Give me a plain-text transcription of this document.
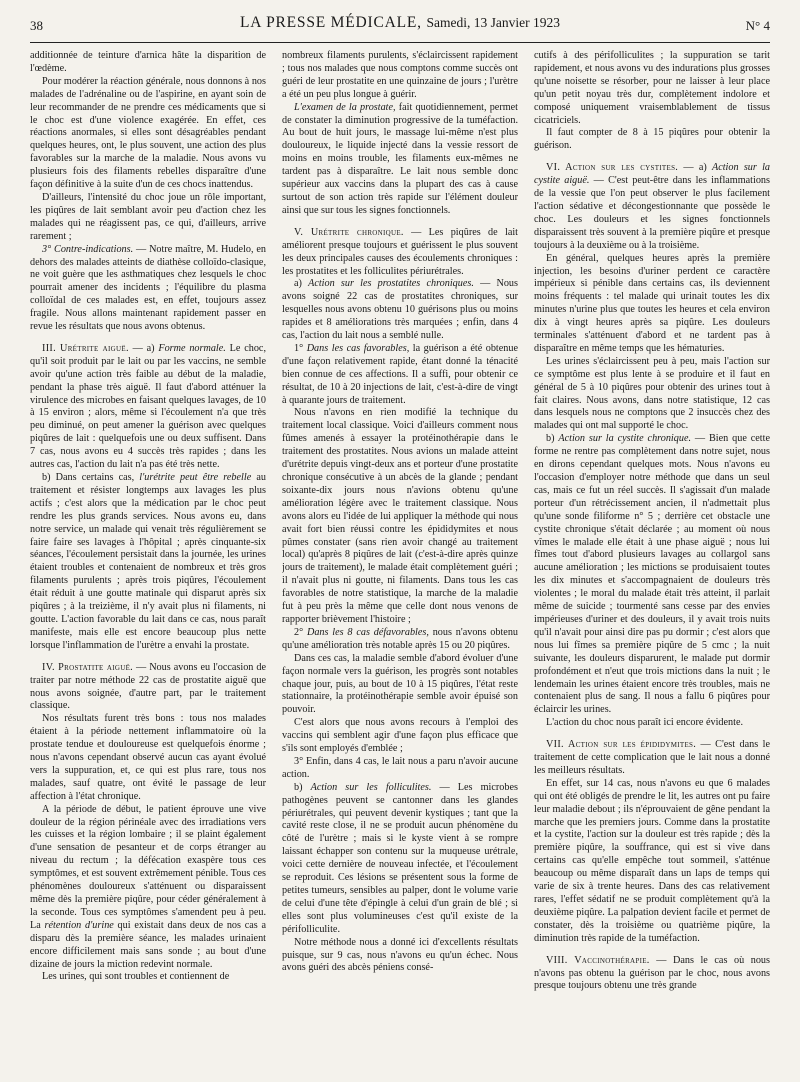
38	LA PRESSE MÉDICALE, Samedi, 13 Janvier 1923	N° 4

additionnée de teinture d'arnica hâte la disparition de l'œdème.

Pour modérer la réaction générale, nous donnons à nos malades de l'adrénaline ou de l'aspirine, en ayant soin de leur recommander de ne prendre ces médicaments que si le choc est d'une violence exagérée. En effet, ces réactions anormales, si elles sont désagréables pendant quelques heures, ont, le plus souvent, une action des plus favorables sur la marche de la maladie. Nous avons vu plusieurs fois des filaments rebelles disparaître d'une façon définitive à la suite d'un de ces chocs inattendus.

D'ailleurs, l'intensité du choc joue un rôle important, les piqûres de lait semblant avoir peu d'action chez les malades qui ne réagissent pas, ce qui, d'ailleurs, arrive rarement ;

3° Contre-indications. — Notre maître, M. Hudelo, en dehors des malades atteints de diathèse colloïdo-clasique, ne voit guère que les asthmatiques chez lesquels le choc pourrait amener des incidents ; l'équilibre du plasma colloïdal de ces malades est, en effet, toujours assez fragile. Nous allons maintenant rapidement passer en revue les résultats que nous avons obtenus.

III. Urétrite aiguë. — a) Forme normale. Le choc, qu'il soit produit par le lait ou par les vaccins, ne semble avoir qu'une action très faible au début de la maladie, pendant la phase très aiguë. Il faut d'abord atténuer la virulence des microbes en faisant quelques lavages, de 10 à 15 environ ; alors, même si l'écoulement n'a que très peu diminué, on peut amener la guérison avec quelques piqûres de lait : quelquefois une ou deux suffisent. Dans 7 cas, nous avons eu 4 succès très rapides ; dans les autres cas, l'action du lait n'a pas été très nette.

b) Dans certains cas, l'urétrite peut être rebelle au traitement et résister longtemps aux lavages les plus actifs ; c'est alors que la médication par le choc peut rendre les plus grands services. Nous avons eu, dans notre service, un malade qui venait très régulièrement se faire faire ses lavages à l'hôpital ; après cinquante-six séances, l'écoulement persistait dans la journée, les urines étaient troubles et contenaient de nombreux et très gros filaments purulents ; après trois piqûres, l'écoulement était réduit à une goutte matinale qui disparut après six piqûres ; à la treizième, il n'y avait plus ni filaments, ni goutte. L'action favorable du lait dans ce cas, nous paraît manifeste, mais elle est encore beaucoup plus nette lorsque l'inflammation de l'urètre a envahi la prostate.

IV. Prostatite aiguë. — Nous avons eu l'occasion de traiter par notre méthode 22 cas de prostatite aiguë que nous avons soignée, d'autre part, par le traitement classique.

Nos résultats furent très bons : tous nos malades étaient à la période nettement inflammatoire où la prostate tendue et douloureuse est quelquefois énorme ; nous n'avons cependant observé aucun cas ayant évolué vers la suppuration, et, ce qui est plus rare, tous nos malades, sauf quatre, ont évité le passage de leur affection à l'état chronique.

A la période de début, le patient éprouve une vive douleur de la région périnéale avec des irradiations vers les cuisses et la région lombaire ; il se plaint également d'une sensation de pesanteur et de corps étranger au niveau du rectum ; la défécation exaspère tous ces symptômes, et est souvent extrêmement pénible. Tous ces phénomènes douloureux s'atténuent ou disparaissent même dès la première piqûre, pour céder généralement à la seconde. Tous ces symptômes s'amendent peu à peu. La rétention d'urine qui existait dans deux de nos cas a disparu dès la première séance, les malades urinaient encore difficilement mais sans sonde ; au bout d'une dizaine de jours la miction redevint normale.

Les urines, qui sont troubles et contiennent de

nombreux filaments purulents, s'éclaircissent rapidement ; tous nos malades que nous comptons comme succès ont guéri de leur prostatite en une quinzaine de jours ; l'urètre a été un peu plus longue à guérir.

L'examen de la prostate, fait quotidiennement, permet de constater la diminution progressive de la tuméfaction. Au bout de huit jours, le massage lui-même n'est plus douloureux, le liquide injecté dans la vessie ressort de moins en moins trouble, les filaments eux-mêmes ne tardent pas à disparaître. Le lait nous semble donc supérieur aux vaccins dans la plupart des cas à cause surtout de son action très rapide sur l'élément douleur ainsi que sur tous les signes fonctionnels.

V. Urétrite chronique. — Les piqûres de lait améliorent presque toujours et guérissent le plus souvent les deux principales causes des écoulements chroniques : les prostatites et les folliculites périurétrales.

a) Action sur les prostatites chroniques. — Nous avons soigné 22 cas de prostatites chroniques, sur lesquelles nous avons obtenu 10 guérisons plus ou moins rapides et 8 améliorations très marquées ; enfin, dans 4 cas, l'action du lait nous a semblé nulle.

1° Dans les cas favorables, la guérison a été obtenue d'une façon relativement rapide, étant donné la ténacité bien connue de ces affections. Il a suffi, pour obtenir ce résultat, de 10 à 20 injections de lait, c'est-à-dire de vingt à quarante jours de traitement.

Nous n'avons en rien modifié la technique du traitement local classique. Voici d'ailleurs comment nous fûmes amenés à essayer la protéinothérapie dans le traitement des prostatites. Nous avions un malade atteint d'urétrite depuis vingt-deux ans et porteur d'une prostatite chronique consécutive à un abcès de la glande ; pendant soixante-dix jours nous n'avions obtenu qu'une amélioration légère avec le traitement classique. Nous avons alors eu l'idée de lui appliquer la méthode qui nous avait fort bien réussi contre les épididymites et nous pûmes constater (sans rien avoir changé au traitement local) qu'après 8 piqûres de lait (c'est-à-dire après quinze jours de traitement), le malade était complètement guéri ; il n'avait plus ni goutte, ni filaments. Dans tous les cas favorables de notre statistique, la marche de la maladie fut à peu près la même que celle dont nous venons de rapporter brièvement l'histoire ;

2° Dans les 8 cas défavorables, nous n'avons obtenu qu'une amélioration très notable après 15 ou 20 piqûres.

Dans ces cas, la maladie semble d'abord évoluer d'une façon normale vers la guérison, les progrès sont notables chaque jour, puis, au bout de 10 à 15 piqûres, l'état reste stationnaire, la protéinothérapie semble avoir épuisé son pouvoir.

C'est alors que nous avons recours à l'emploi des vaccins qui semblent agir d'une façon plus efficace que s'ils sont employés d'emblée ;

3° Enfin, dans 4 cas, le lait nous a paru n'avoir aucune action.

b) Action sur les folliculites. — Les microbes pathogènes peuvent se cantonner dans les glandes périurétrales, qui peuvent devenir kystiques ; tant que la cavité reste close, il ne se produit aucun phénomène du côté de l'urètre ; mais si le kyste vient à se rompre laissant échapper son contenu sur la muqueuse urétrale, voici cette dernière de nouveau infectée, et l'écoulement se reproduit. Ces lésions se présentent sous la forme de petites tumeurs, sensibles au palper, dont le volume varie de celui d'une tête d'épingle à celui d'un grain de blé ; si elles sont plus volumineuses c'est qu'il existe de la périfolliculite.

Notre méthode nous a donné ici d'excellents résultats puisque, sur 9 cas, nous n'avons eu qu'un échec. Nous avons guéri des abcès péniens consé-

cutifs à des périfolliculites ; la suppuration se tarit rapidement, et nous avons vu des indurations plus grosses qu'une noisette se résorber, pour ne laisser à leur place qu'un petit noyau très dur, complètement indolore et composé uniquement vraisemblablement de tissus cicatriciels.

Il faut compter de 8 à 15 piqûres pour obtenir la guérison.

VI. Action sur les cystites. — a) Action sur la cystite aiguë. — C'est peut-être dans les inflammations de la vessie que l'on peut observer le plus facilement l'action sédative et décongestionnante que possède le choc. Les douleurs et les signes fonctionnels disparaissent très souvent à la première piqûre et presque toujours à la deuxième ou à la troisième.

En général, quelques heures après la première injection, les besoins d'uriner perdent ce caractère impérieux si pénible dans certains cas, ils deviennent moins fréquents : tel malade qui urinait toutes les dix minutes n'urine plus que toutes les heures et cela environ dix à vingt heures après sa piqûre. Les douleurs terminales s'atténuent d'abord et ne tardent pas à disparaître en même temps que les hématuries.

Les urines s'éclaircissent peu à peu, mais l'action sur ce symptôme est plus lente à se produire et il faut en général de 5 à 10 piqûres pour obtenir des urines tout à fait claires. Nous avons, dans notre statistique, 12 cas dans lesquels nous ne comptons que 2 insuccès chez des malades qui ont mal supporté le choc.

b) Action sur la cystite chronique. — Bien que cette forme ne rentre pas complètement dans notre sujet, nous en dirons cependant quelques mots. Nous n'avons eu l'occasion d'employer notre méthode que dans un seul cas, mais ce fut un réel succès. Il s'agissait d'un malade porteur d'un rétrécissement ancien, il n'admettait plus qu'une sonde filiforme n° 5 ; derrière cet obstacle une cystite chronique s'était déclarée ; au moment où nous vîmes le malade elle était à une phase aiguë ; nous lui fîmes tout d'abord plusieurs lavages au collargol sans aucune amélioration ; les mictions se produisaient toutes les dix minutes et s'accompagnaient de douleurs très violentes ; le moral du malade était très atteint, il parlait même de suicide ; tourmenté sans cesse par des envies impérieuses d'uriner et des douleurs, il y avait trois nuits qu'il n'avait pour ainsi dire pas pu dormir ; c'est alors que nous lui fîmes sa première piqûre de 5 cmc ; la nuit suivante, les douleurs disparurent, le malade put dormir profondément et n'eut que trois mictions dans la nuit ; le lendemain les urines étaient encore très troubles, mais ne contenaient plus de sang. Il nous a fallu 6 piqûres pour éclaircir les urines.

L'action du choc nous paraît ici encore évidente.

VII. Action sur les épididymites. — C'est dans le traitement de cette complication que le lait nous a donné les meilleurs résultats.

En effet, sur 14 cas, nous n'avons eu que 6 malades qui ont été obligés de prendre le lit, les autres ont pu faire leur maladie debout ; ils n'éprouvaient de gêne pendant la marche que les premiers jours. Comme dans la prostatite et la cystite, l'action sur la douleur est très rapide ; dès la première piqûre, la souffrance, qui est si vive dans certains cas qu'elle empêche tout sommeil, s'atténue beaucoup ou même disparaît dans un laps de temps qui varie de six à trente heures. Dans des cas relativement rares, l'effet sédatif ne se produit complètement qu'à la deuxième piqûre. La palpation devient facile et permet de constater, dès la troisième ou quatrième piqûre, la diminution très rapide de la tuméfaction.

VIII. Vaccinothérapie. — Dans le cas où nous n'avons pas obtenu la guérison par le choc, nous avons presque toujours obtenu une très grande
